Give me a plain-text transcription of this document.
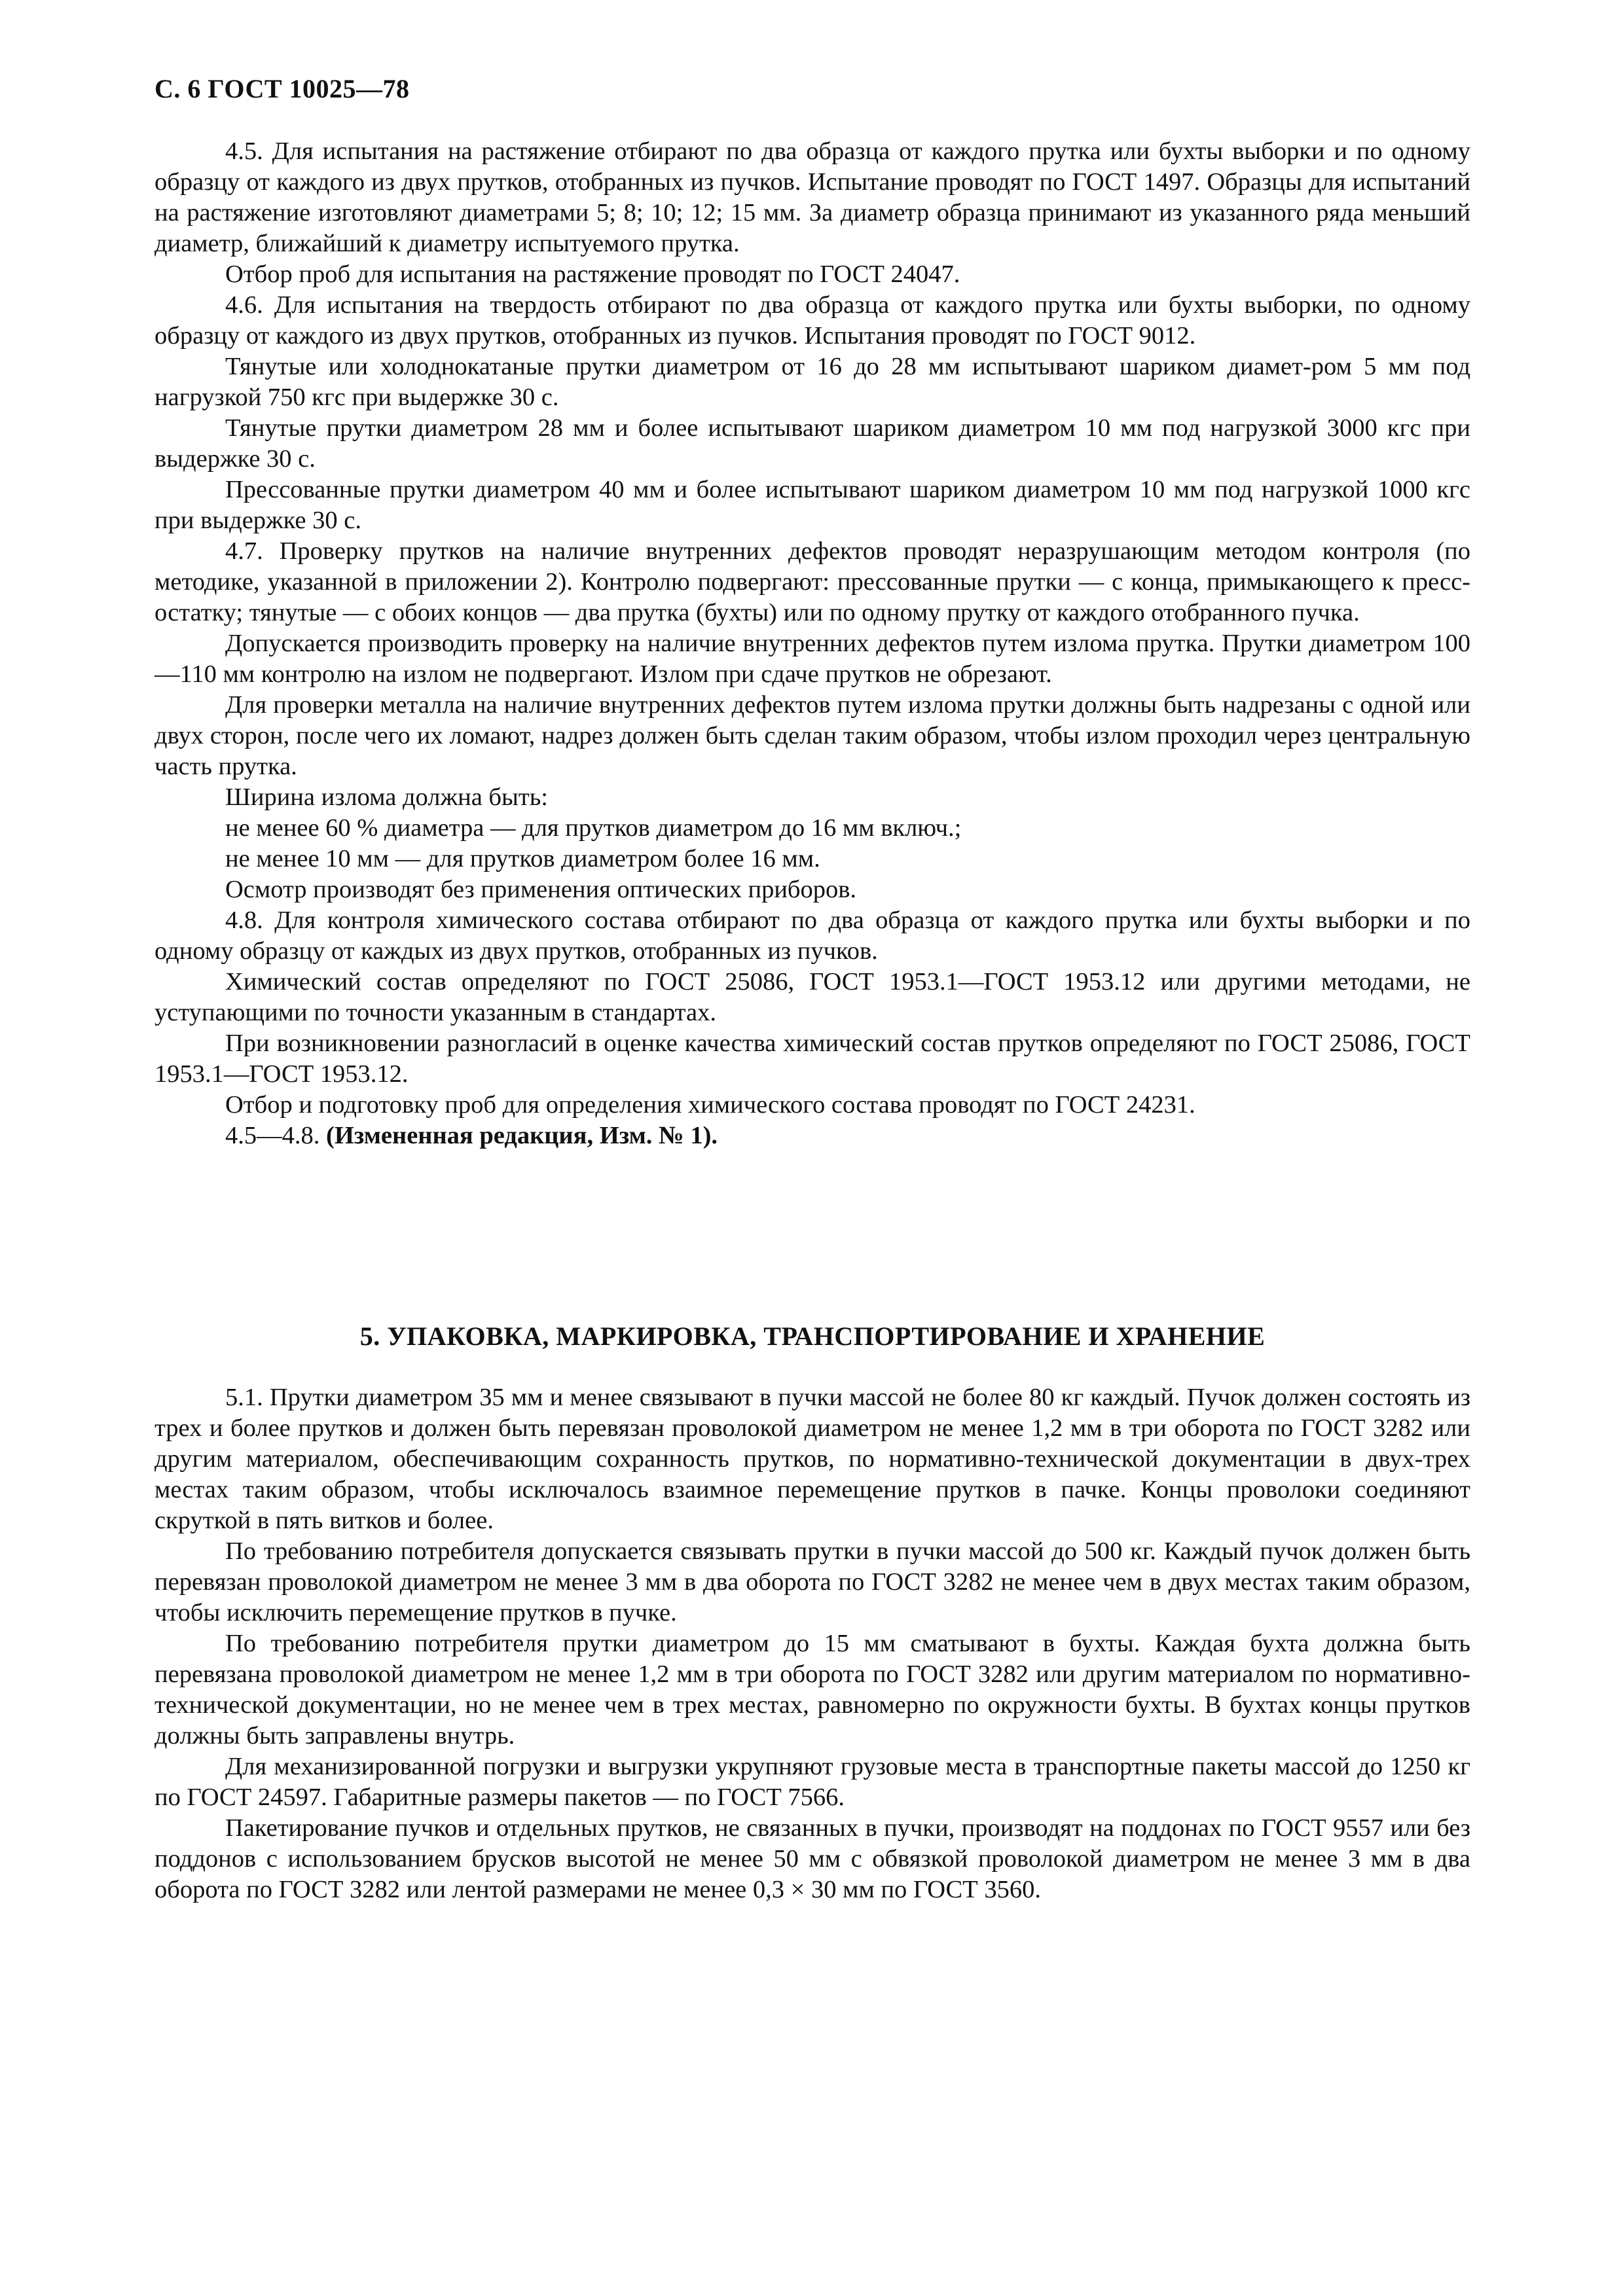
С. 6 ГОСТ 10025—78

4.5. Для испытания на растяжение отбирают по два образца от каждого прутка или бухты выборки и по одному образцу от каждого из двух прутков, отобранных из пучков. Испытание проводят по ГОСТ 1497. Образцы для испытаний на растяжение изготовляют диаметрами 5; 8; 10; 12; 15 мм. За диаметр образца принимают из указанного ряда меньший диаметр, ближайший к диаметру испытуемого прутка.

Отбор проб для испытания на растяжение проводят по ГОСТ 24047.

4.6. Для испытания на твердость отбирают по два образца от каждого прутка или бухты выборки, по одному образцу от каждого из двух прутков, отобранных из пучков. Испытания проводят по ГОСТ 9012.

Тянутые или холоднокатаные прутки диаметром от 16 до 28 мм испытывают шариком диамет-ром 5 мм под нагрузкой 750 кгс при выдержке 30 с.

Тянутые прутки диаметром 28 мм и более испытывают шариком диаметром 10 мм под нагрузкой 3000 кгс при выдержке 30 с.

Прессованные прутки диаметром 40 мм и более испытывают шариком диаметром 10 мм под нагрузкой 1000 кгс при выдержке 30 с.

4.7. Проверку прутков на наличие внутренних дефектов проводят неразрушающим методом контроля (по методике, указанной в приложении 2). Контролю подвергают: прессованные прутки — с конца, примыкающего к пресс-остатку; тянутые — с обоих концов — два прутка (бухты) или по одному прутку от каждого отобранного пучка.

Допускается производить проверку на наличие внутренних дефектов путем излома прутка. Прутки диаметром 100—110 мм контролю на излом не подвергают. Излом при сдаче прутков не обрезают.

Для проверки металла на наличие внутренних дефектов путем излома прутки должны быть надрезаны с одной или двух сторон, после чего их ломают, надрез должен быть сделан таким образом, чтобы излом проходил через центральную часть прутка.

Ширина излома должна быть:

не менее 60 % диаметра — для прутков диаметром до 16 мм включ.;

не менее 10 мм — для прутков диаметром более 16 мм.

Осмотр производят без применения оптических приборов.

4.8. Для контроля химического состава отбирают по два образца от каждого прутка или бухты выборки и по одному образцу от каждых из двух прутков, отобранных из пучков.

Химический состав определяют по ГОСТ 25086, ГОСТ 1953.1—ГОСТ 1953.12 или другими методами, не уступающими по точности указанным в стандартах.

При возникновении разногласий в оценке качества химический состав прутков определяют по ГОСТ 25086, ГОСТ 1953.1—ГОСТ 1953.12.

Отбор и подготовку проб для определения химического состава проводят по ГОСТ 24231.

4.5—4.8. (Измененная редакция, Изм. № 1).

5. УПАКОВКА, МАРКИРОВКА, ТРАНСПОРТИРОВАНИЕ И ХРАНЕНИЕ

5.1. Прутки диаметром 35 мм и менее связывают в пучки массой не более 80 кг каждый. Пучок должен состоять из трех и более прутков и должен быть перевязан проволокой диаметром не менее 1,2 мм в три оборота по ГОСТ 3282 или другим материалом, обеспечивающим сохранность прутков, по нормативно-технической документации в двух-трех местах таким образом, чтобы исключалось взаимное перемещение прутков в пачке. Концы проволоки соединяют скруткой в пять витков и более.

По требованию потребителя допускается связывать прутки в пучки массой до 500 кг. Каждый пучок должен быть перевязан проволокой диаметром не менее 3 мм в два оборота по ГОСТ 3282 не менее чем в двух местах таким образом, чтобы исключить перемещение прутков в пучке.

По требованию потребителя прутки диаметром до 15 мм сматывают в бухты. Каждая бухта должна быть перевязана проволокой диаметром не менее 1,2 мм в три оборота по ГОСТ 3282 или другим материалом по нормативно-технической документации, но не менее чем в трех местах, равномерно по окружности бухты. В бухтах концы прутков должны быть заправлены внутрь.

Для механизированной погрузки и выгрузки укрупняют грузовые места в транспортные пакеты массой до 1250 кг по ГОСТ 24597. Габаритные размеры пакетов — по ГОСТ 7566.

Пакетирование пучков и отдельных прутков, не связанных в пучки, производят на поддонах по ГОСТ 9557 или без поддонов с использованием брусков высотой не менее 50 мм с обвязкой проволокой диаметром не менее 3 мм в два оборота по ГОСТ 3282 или лентой размерами не менее 0,3 × 30 мм по ГОСТ 3560.
